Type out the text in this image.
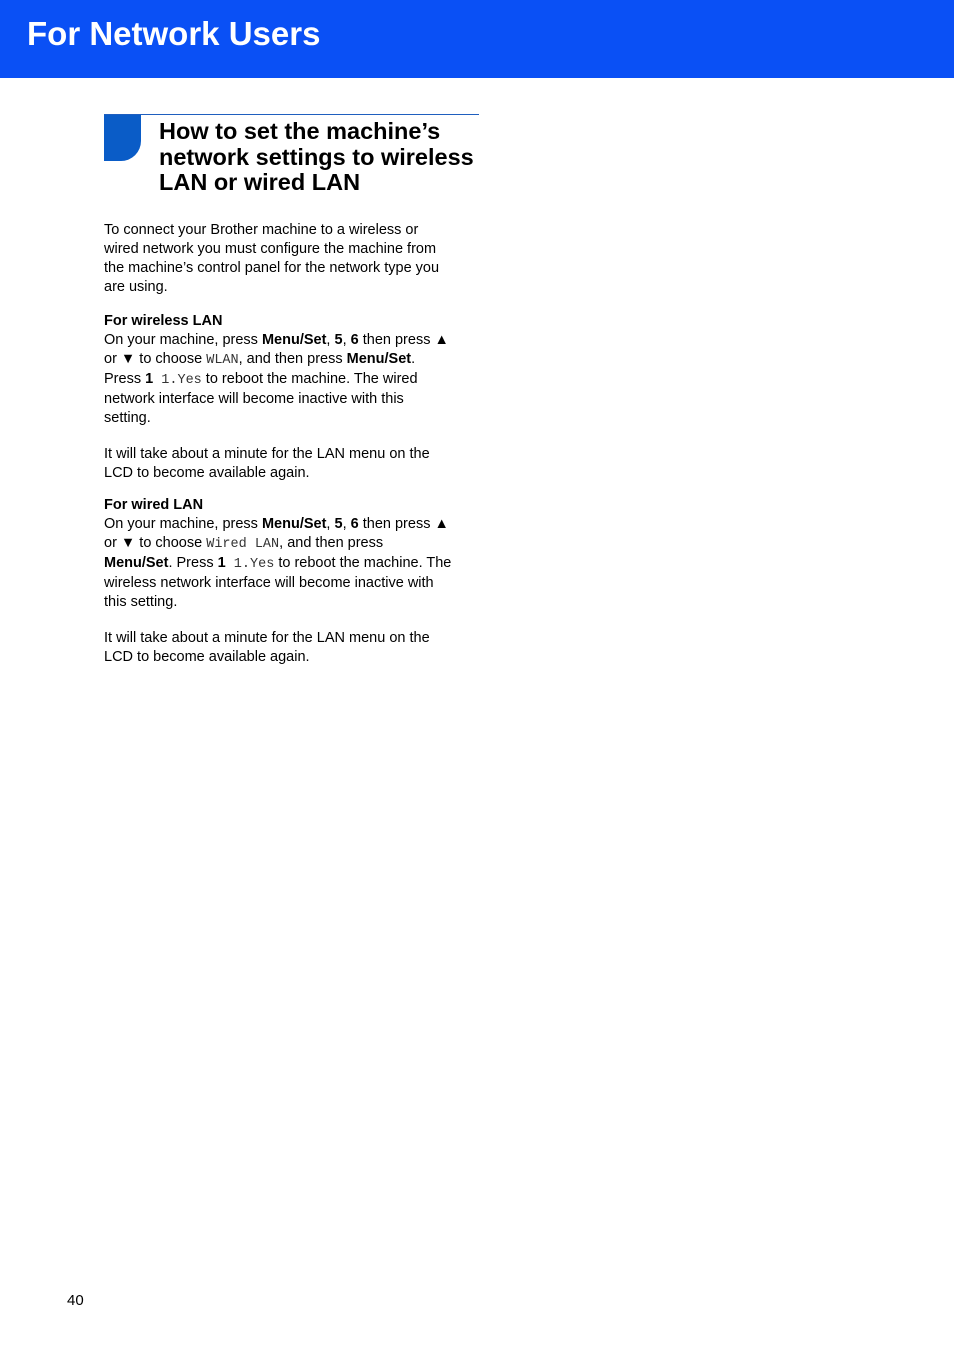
For Network Users
How to set the machine’s
network settings to wireless
LAN or wired LAN
To connect your Brother machine to a wireless or
wired network you must configure the machine from
the machine’s control panel for the network type you
are using.
For wireless LAN
On your machine, press Menu/Set, 5, 6 then press ▲
or ▼ to choose WLAN, and then press Menu/Set.
Press 1 1.Yes to reboot the machine. The wired
network interface will become inactive with this
setting.
It will take about a minute for the LAN menu on the
LCD to become available again.
For wired LAN
On your machine, press Menu/Set, 5, 6 then press ▲
or ▼ to choose Wired LAN, and then press
Menu/Set. Press 1 1.Yes to reboot the machine. The
wireless network interface will become inactive with
this setting.
It will take about a minute for the LAN menu on the
LCD to become available again.
40
